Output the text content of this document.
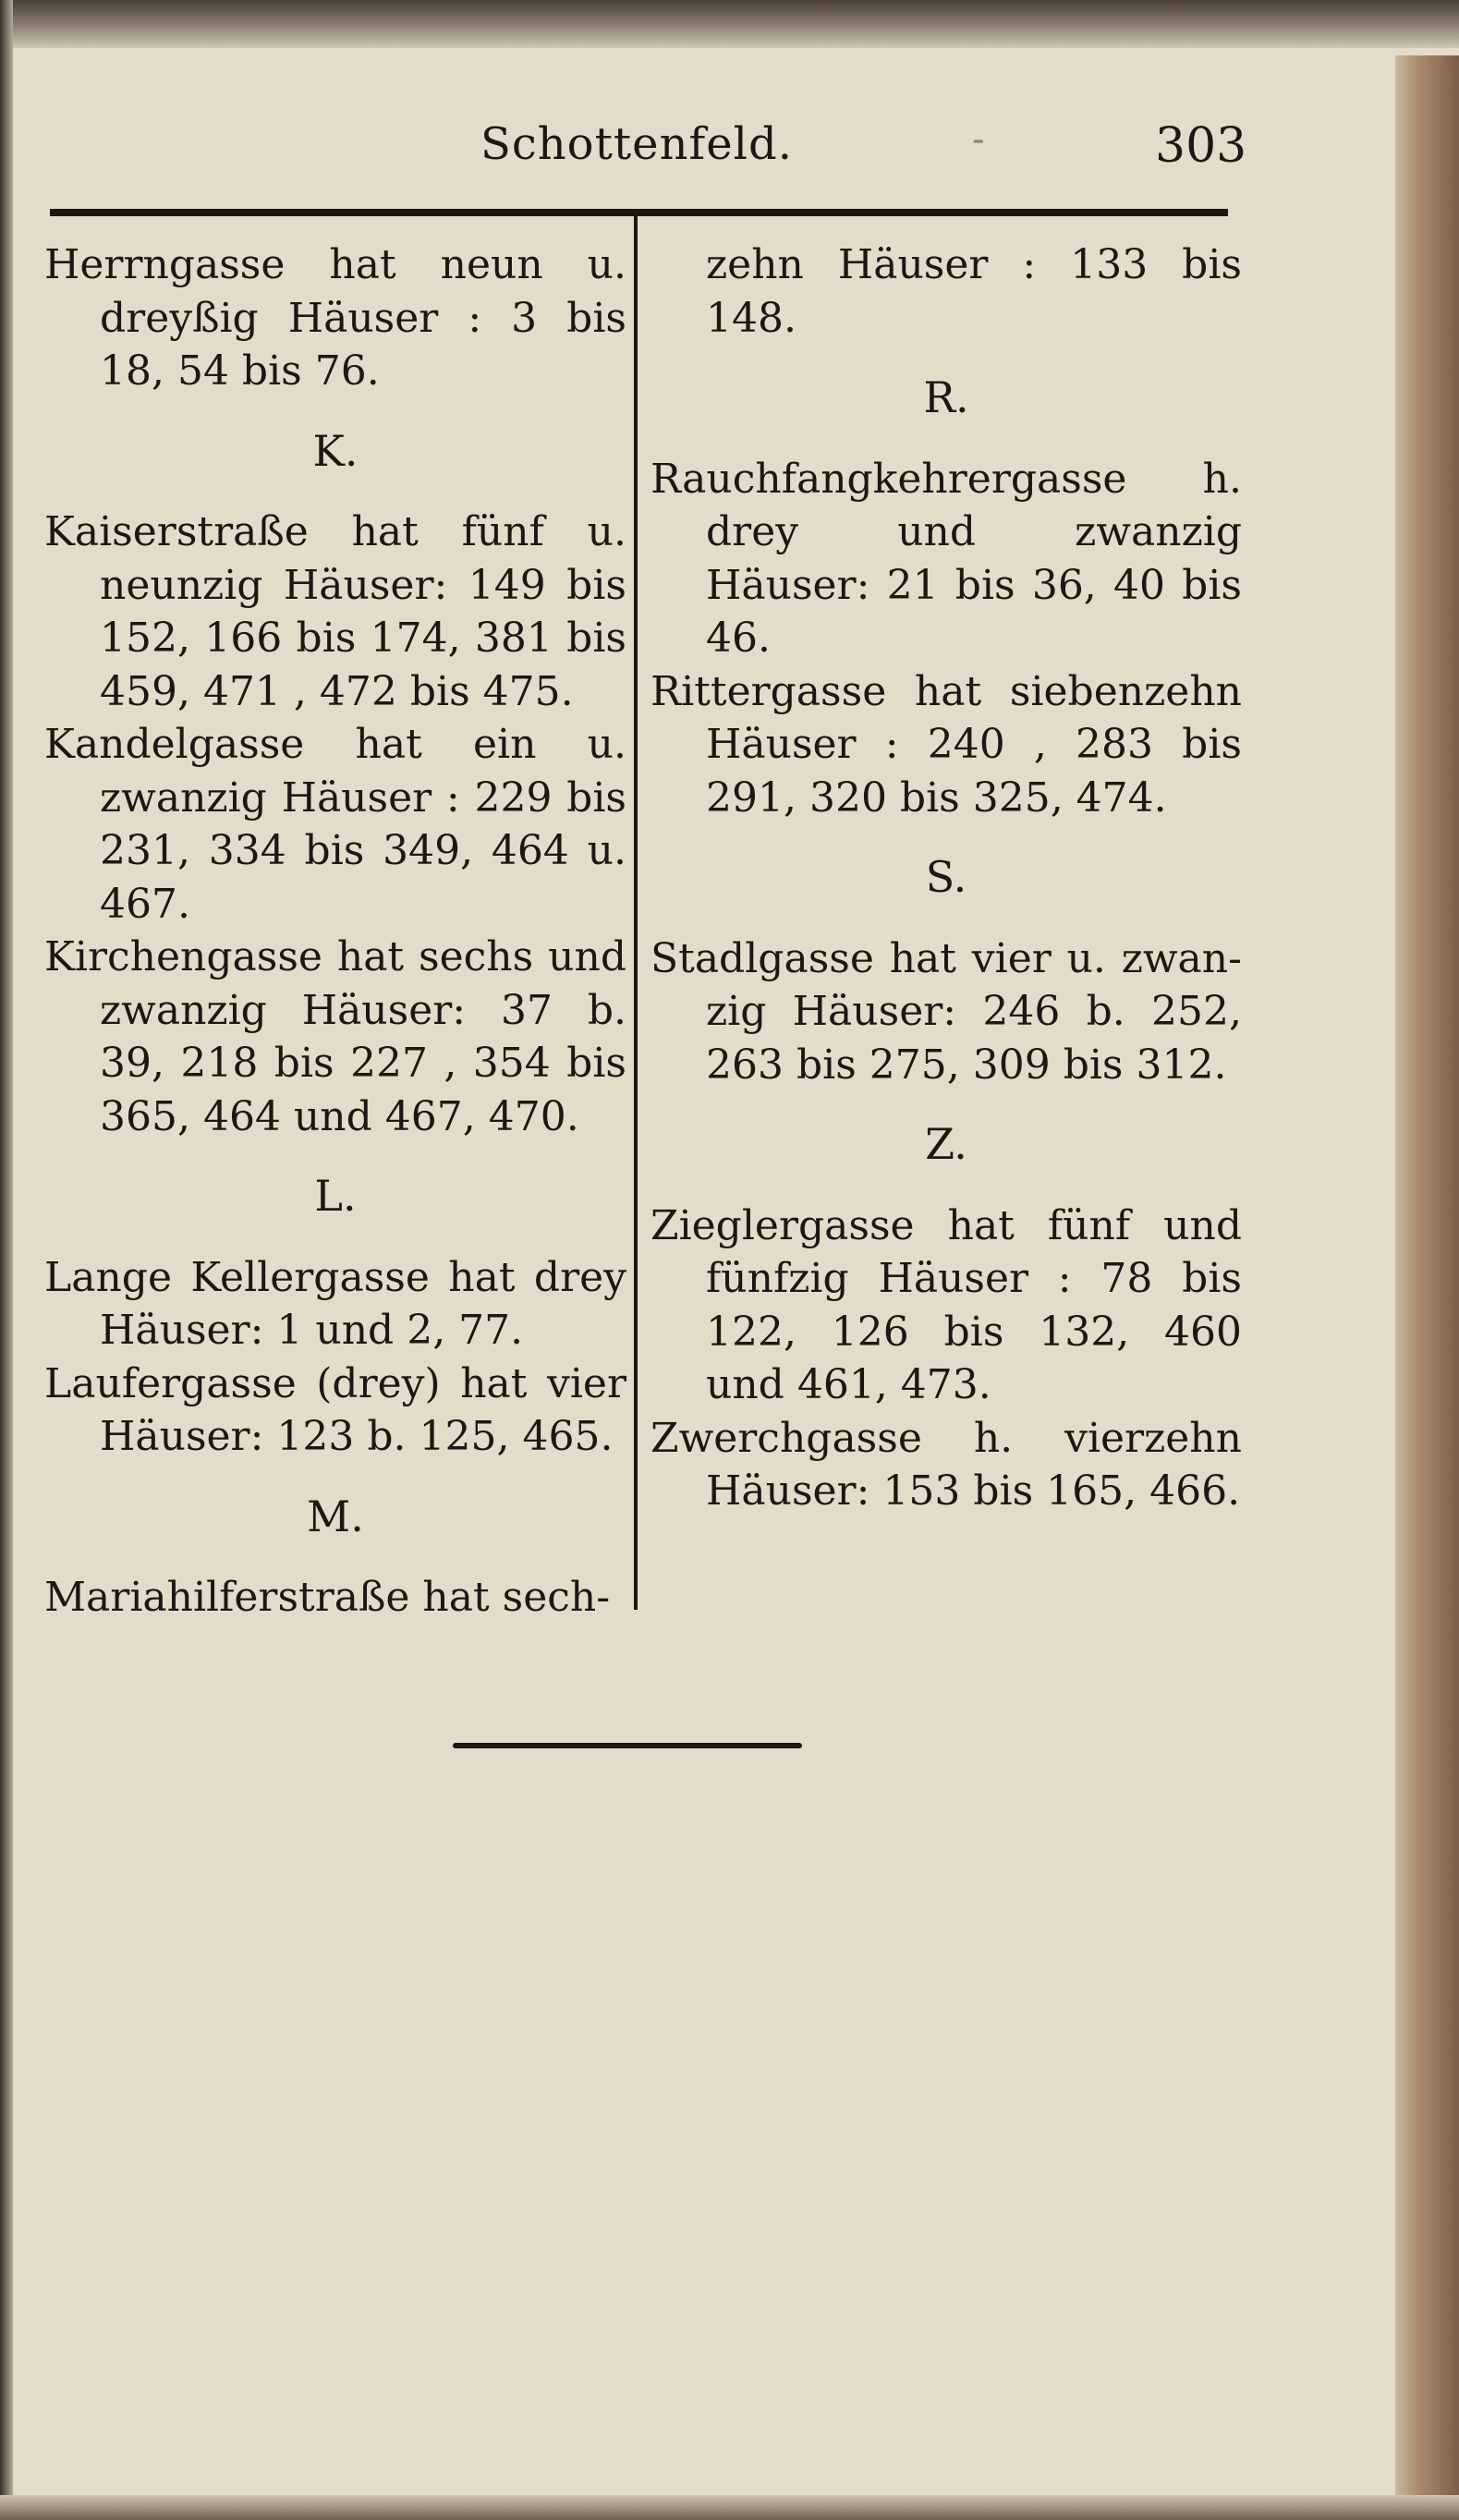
Schottenfeld.	-	303

Herrngasse hat neun u. dreyßig Häuser : 3 bis 18, 54 bis 76.

K.

Kaiserstraße hat fünf u. neunzig Häuser: 149 bis 152, 166 bis 174, 381 bis 459, 471 , 472 bis 475.

Kandelgasse hat ein u. zwanzig Häuser : 229 bis 231, 334 bis 349, 464 u. 467.

Kirchengasse hat sechs und zwanzig Häuser: 37 b. 39, 218 bis 227 , 354 bis 365, 464 und 467, 470.

L.

Lange Kellergasse hat drey Häuser: 1 und 2, 77.

Laufergasse (drey) hat vier Häuser: 123 b. 125, 465.

M.

Mariahilferstraße hat sech-

zehn Häuser : 133 bis 148.

R.

Rauchfangkehrergasse h. drey und zwanzig Häuser: 21 bis 36, 40 bis 46.

Rittergasse hat siebenzehn Häuser : 240 , 283 bis 291, 320 bis 325, 474.

S.

Stadlgasse hat vier u. zwanzig Häuser: 246 b. 252, 263 bis 275, 309 bis 312.

Z.

Zieglergasse hat fünf und fünfzig Häuser : 78 bis 122, 126 bis 132, 460 und 461, 473.

Zwerchgasse h. vierzehn Häuser: 153 bis 165, 466.
